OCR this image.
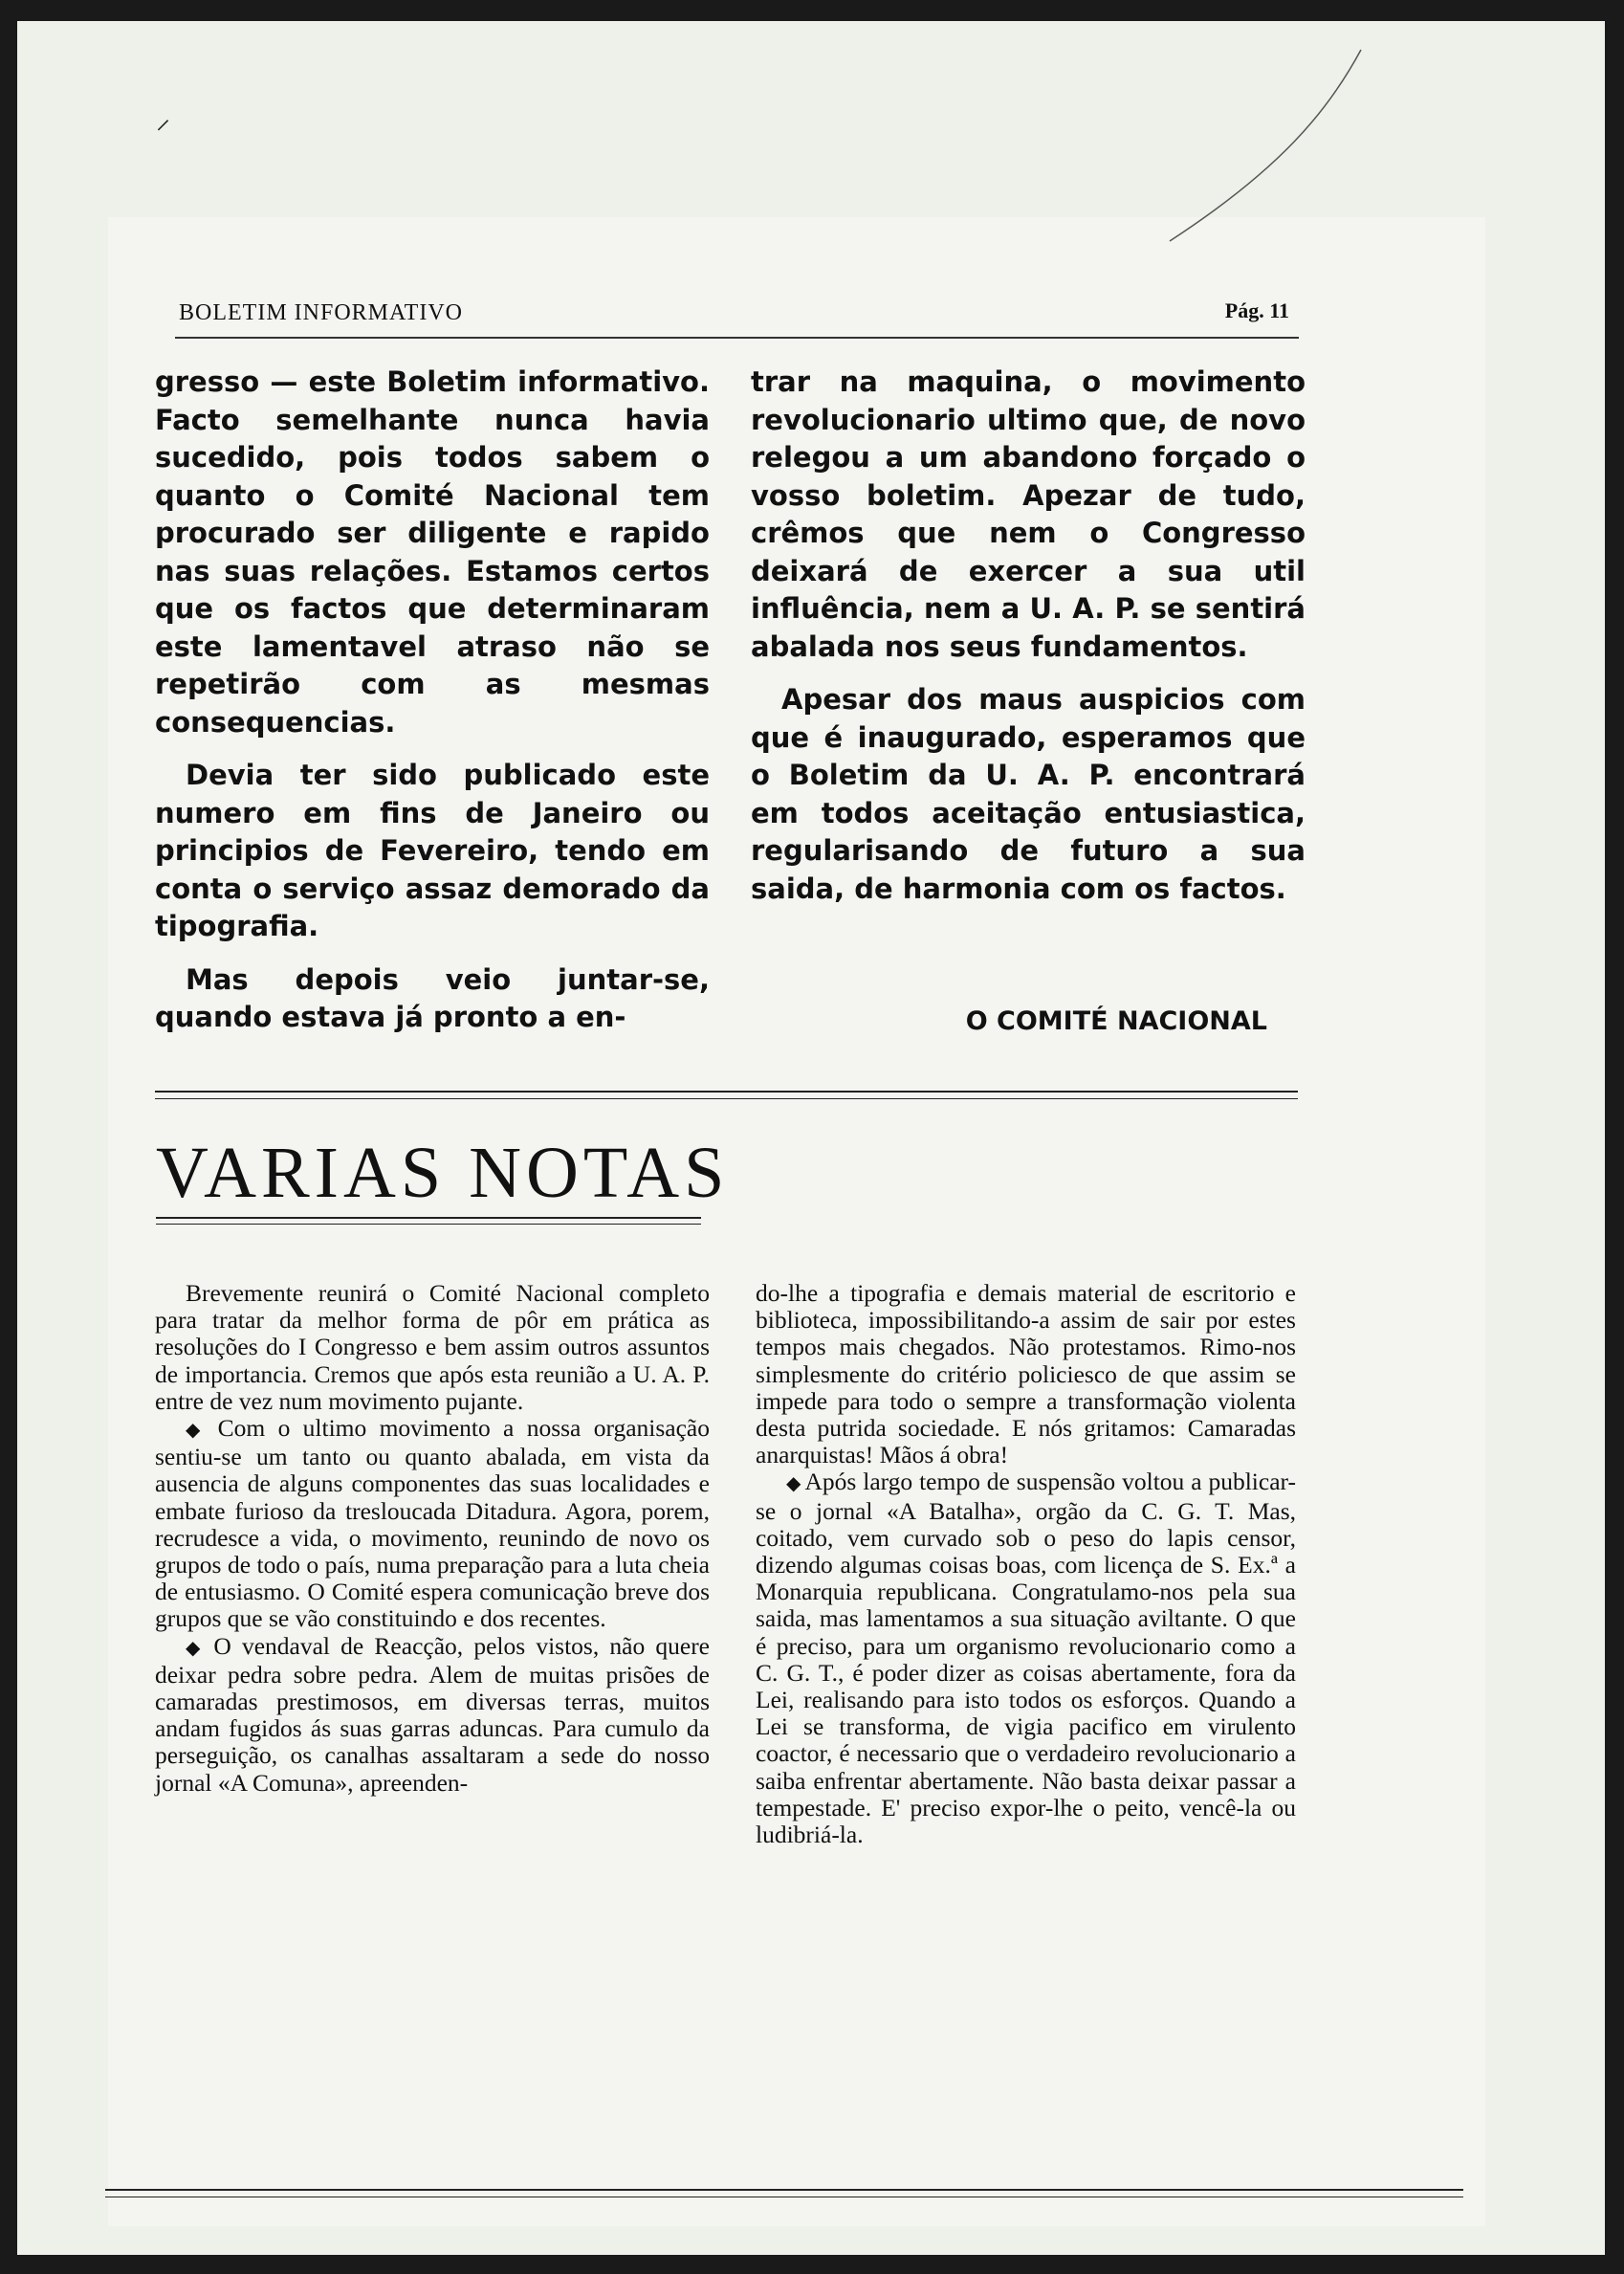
⸝
BOLETIM INFORMATIVO	Pág. 11

gresso — este Boletim informativo. Facto semelhante nunca havia sucedido, pois todos sabem o quanto o Comité Nacional tem procurado ser diligente e rapido nas suas relações. Estamos certos que os factos que determinaram este lamentavel atraso não se repetirão com as mesmas consequencias.

Devia ter sido publicado este numero em fins de Janeiro ou principios de Fevereiro, tendo em conta o serviço assaz demorado da tipografia.

Mas depois veio juntar-se, quando estava já pronto a en-

trar na maquina, o movimento revolucionario ultimo que, de novo relegou a um abandono forçado o vosso boletim. Apezar de tudo, crêmos que nem o Congresso deixará de exercer a sua util influência, nem a U. A. P. se sentirá abalada nos seus fundamentos.

Apesar dos maus auspicios com que é inaugurado, esperamos que o Boletim da U. A. P. encontrará em todos aceitação entusiastica, regularisando de futuro a sua saida, de harmonia com os factos.

O COMITÉ NACIONAL
VARIAS NOTAS

Brevemente reunirá o Comité Nacional completo para tratar da melhor forma de pôr em prática as resoluções do I Congresso e bem assim outros assuntos de importancia. Cremos que após esta reunião a U. A. P. entre de vez num movimento pujante.

◆ Com o ultimo movimento a nossa organisação sentiu-se um tanto ou quanto abalada, em vista da ausencia de alguns componentes das suas localidades e embate furioso da tresloucada Ditadura. Agora, porem, recrudesce a vida, o movimento, reunindo de novo os grupos de todo o país, numa preparação para a luta cheia de entusiasmo. O Comité espera comunicação breve dos grupos que se vão constituindo e dos recentes.

◆ O vendaval de Reacção, pelos vistos, não quere deixar pedra sobre pedra. Alem de muitas prisões de camaradas prestimosos, em diversas terras, muitos andam fugidos ás suas garras aduncas. Para cumulo da perseguição, os canalhas assaltaram a sede do nosso jornal «A Comuna», apreenden-

do-lhe a tipografia e demais material de escritorio e biblioteca, impossibilitando-a assim de sair por estes tempos mais chegados. Não protestamos. Rimo-nos simplesmente do critério policiesco de que assim se impede para todo o sempre a transformação violenta desta putrida sociedade. E nós gritamos: Camaradas anarquistas! Mãos á obra!

◆ Após largo tempo de suspensão voltou a publicar-se o jornal «A Batalha», orgão da C. G. T. Mas, coitado, vem curvado sob o peso do lapis censor, dizendo algumas coisas boas, com licença de S. Ex.ª a Monarquia republicana. Congratulamo-nos pela sua saida, mas lamentamos a sua situação aviltante. O que é preciso, para um organismo revolucionario como a C. G. T., é poder dizer as coisas abertamente, fora da Lei, realisando para isto todos os esforços. Quando a Lei se transforma, de vigia pacifico em virulento coactor, é necessario que o verdadeiro revolucionario a saiba enfrentar abertamente. Não basta deixar passar a tempestade. E' preciso expor-lhe o peito, vencê-la ou ludibriá-la.
